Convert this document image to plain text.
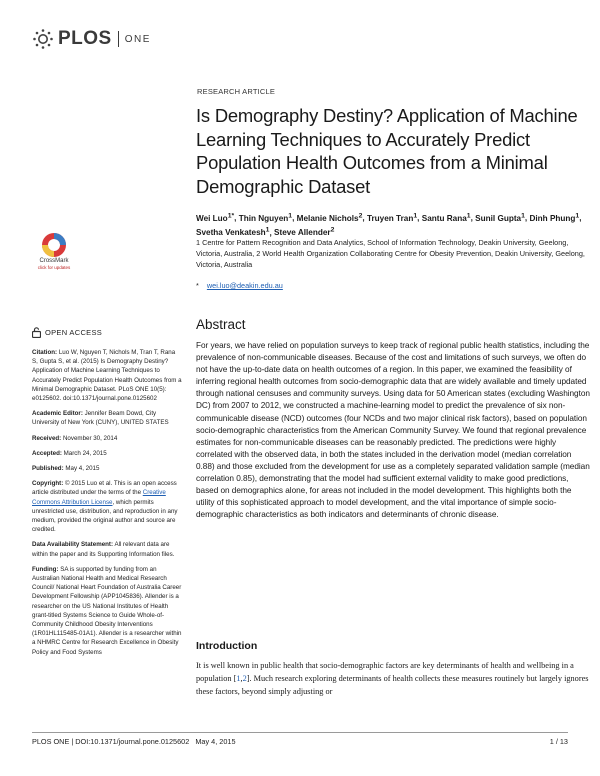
PLOS ONE
RESEARCH ARTICLE
Is Demography Destiny? Application of Machine Learning Techniques to Accurately Predict Population Health Outcomes from a Minimal Demographic Dataset
Wei Luo$^{1*}$, Thin Nguyen$^1$, Melanie Nichols$^2$, Truyen Tran$^1$, Santu Rana$^1$, Sunil Gupta$^1$, Dinh Phung$^1$, Svetha Venkatesh$^1$, Steve Allender$^2$
1 Centre for Pattern Recognition and Data Analytics, School of Information Technology, Deakin University, Geelong, Victoria, Australia, 2 World Health Organization Collaborating Centre for Obesity Prevention, Deakin University, Geelong, Victoria, Australia
* wei.luo@deakin.edu.au
CrossMark
click for updates
OPEN ACCESS

Citation: Luo W, Nguyen T, Nichols M, Tran T, Rana S, Gupta S, et al. (2015) Is Demography Destiny? Application of Machine Learning Techniques to Accurately Predict Population Health Outcomes from a Minimal Demographic Dataset. PLoS ONE 10(5): e0125602. doi:10.1371/journal.pone.0125602

Academic Editor: Jennifer Beam Dowd, City University of New York (CUNY), UNITED STATES

Received: November 30, 2014

Accepted: March 24, 2015

Published: May 4, 2015

Copyright: © 2015 Luo et al. This is an open access article distributed under the terms of the Creative Commons Attribution License, which permits unrestricted use, distribution, and reproduction in any medium, provided the original author and source are credited.

Data Availability Statement: All relevant data are within the paper and its Supporting Information files.

Funding: SA is supported by funding from an Australian National Health and Medical Research Council/ National Heart Foundation of Australia Career Development Fellowship (APP1045836). Allender is a researcher on the US National Institutes of Health grant-titled Systems Science to Guide Whole-of-Community Childhood Obesity Interventions (1R01HL115485-01A1). Allender is a researcher within a NHMRC Centre for Research Excellence in Obesity Policy and Food Systems

Abstract

For years, we have relied on population surveys to keep track of regional public health statistics, including the prevalence of non-communicable diseases. Because of the cost and limitations of such surveys, we often do not have the up-to-date data on health outcomes of a region. In this paper, we examined the feasibility of inferring regional health outcomes from socio-demographic data that are widely available and timely updated through national censuses and community surveys. Using data for 50 American states (excluding Washington DC) from 2007 to 2012, we constructed a machine-learning model to predict the prevalence of six non-communicable disease (NCD) outcomes (four NCDs and two major clinical risk factors), based on population socio-demographic characteristics from the American Community Survey. We found that regional prevalence estimates for non-communicable diseases can be reasonably predicted. The predictions were highly correlated with the observed data, in both the states included in the derivation model (median correlation 0.88) and those excluded from the development for use as a completely separated validation sample (median correlation 0.85), demonstrating that the model had sufficient external validity to make good predictions, based on demographics alone, for areas not included in the model development. This highlights both the utility of this sophisticated approach to model development, and the vital importance of simple socio-demographic characteristics as both indicators and determinants of chronic disease.

Introduction

It is well known in public health that socio-demographic factors are key determinants of health and wellbeing in a population [1,2]. Much research exploring determinants of health collects these measures routinely but largely ignores these factors, beyond simply adjusting or

PLOS ONE | DOI:10.1371/journal.pone.0125602   May 4, 2015	1 / 13
